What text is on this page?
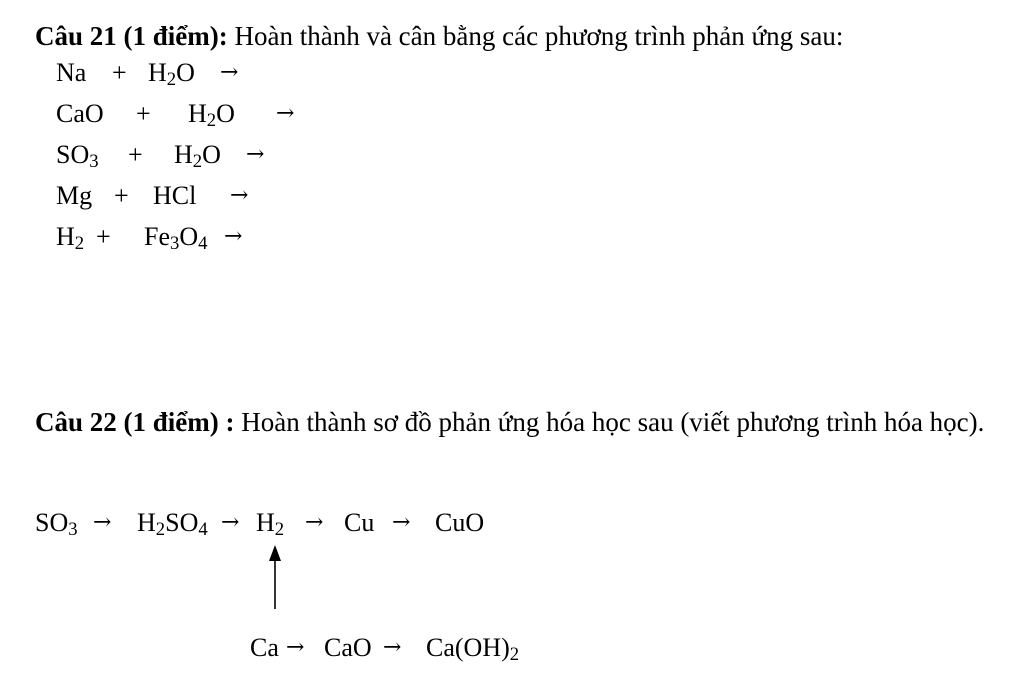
Câu 21 (1 điểm): Hoàn thành và cân bằng các phương trình phản ứng sau:
$Na + H_2O$ →
CaO + $H_2O$ →
$SO_3 + H_2O$ →
Mg + HCl →
$H_2 + Fe_3O_4$ →
Câu 22 (1 điểm) : Hoàn thành sơ đồ phản ứng hóa học sau (viết phương trình hóa học).
$SO_3 \to H_2SO_4 \to H_2 \to Cu$ → CuO
Ca → CaO → $Ca(OH)_2$
